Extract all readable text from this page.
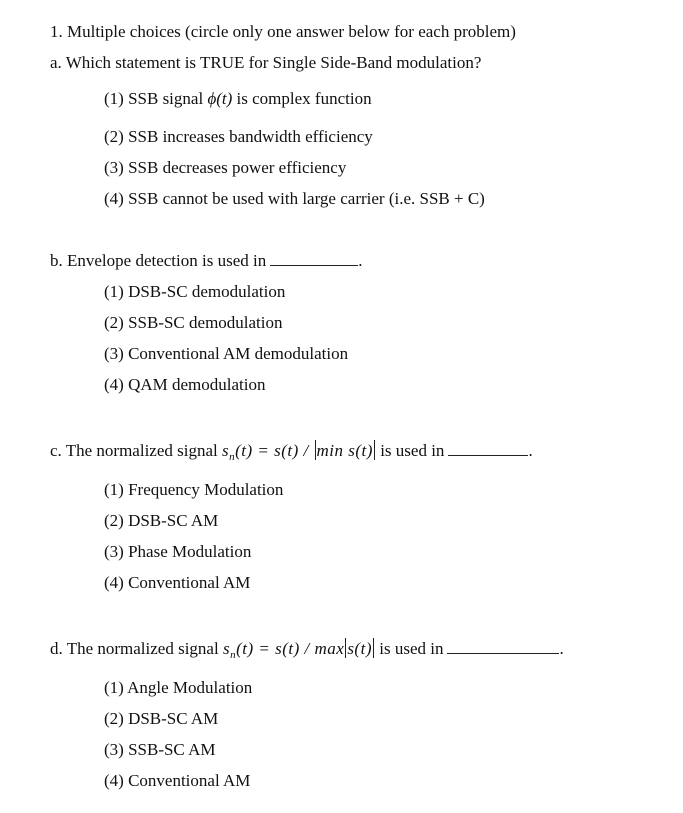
1. Multiple choices (circle only one answer below for each problem)
a. Which statement is TRUE for Single Side-Band modulation?
(1) SSB signal ϕ(t) is complex function
(2) SSB increases bandwidth efficiency
(3) SSB decreases power efficiency
(4) SSB cannot be used with large carrier (i.e. SSB + C)
b. Envelope detection is used in	.
(1) DSB-SC demodulation
(2) SSB-SC demodulation
(3) Conventional AM demodulation
(4) QAM demodulation
c. The normalized signal $s_n(t) = s(t) / \min s(t)$ is used in	.
(1) Frequency Modulation
(2) DSB-SC AM
(3) Phase Modulation
(4) Conventional AM
d. The normalized signal $s_n(t) = s(t) / \max s(t)$ is used in	.
(1) Angle Modulation
(2) DSB-SC AM
(3) SSB-SC AM
(4) Conventional AM
